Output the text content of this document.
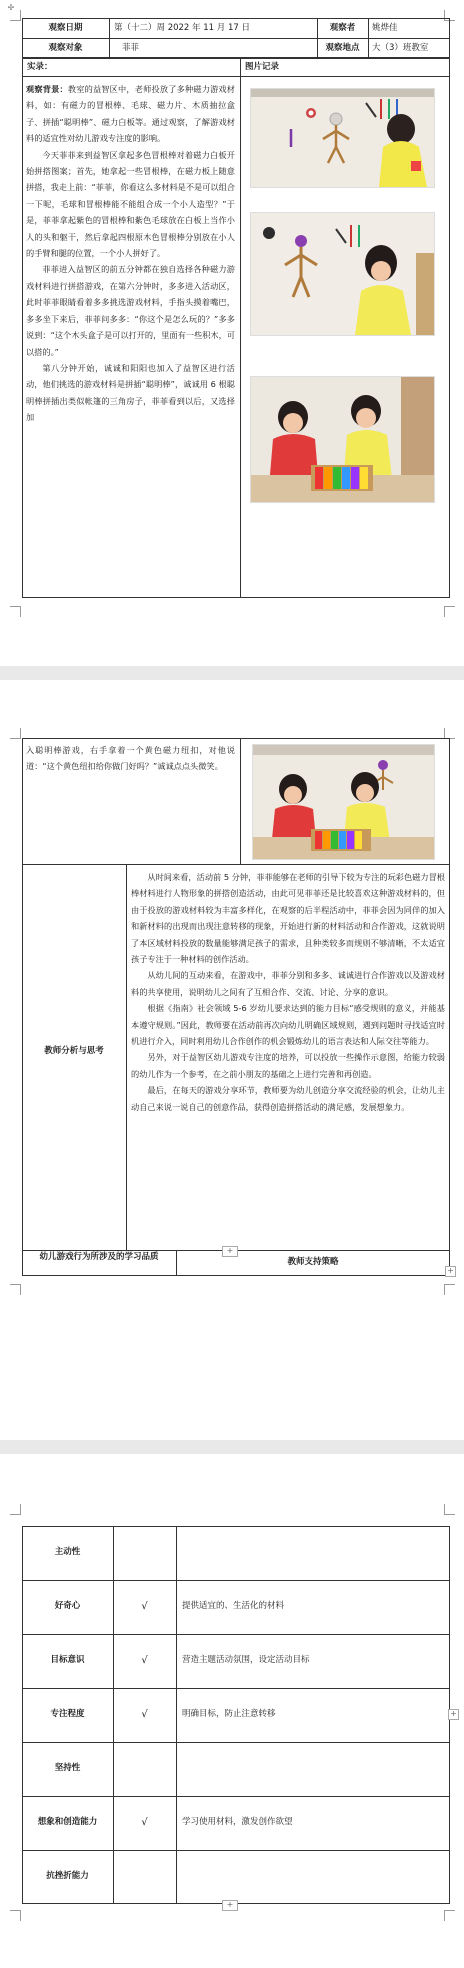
✢
观察日期	第（十二）周 2022 年 11 月 17 日	观察者	姚烨佳
观察对象	菲菲	观察地点	大（3）班教室
实录：	图片记录

观察背景：教室的益智区中，老师投放了多种磁力游戏材料，如：有磁力的冒根棒、毛球、磁力片、木质抽拉盒子、拼插“聪明棒”、磁力白板等。通过观察，了解游戏材料的适宜性对幼儿游戏专注度的影响。

今天菲菲来到益智区拿起多色冒根棒对着磁力白板开始拼搭图案；首先，她拿起一些冒根棒，在磁力板上随意拼搭，我走上前：“菲菲，你看这么多材料是不是可以组合一下呢，毛球和冒根棒能不能组合成一个小人造型？”于是，菲菲拿起紫色的冒根棒和紫色毛球放在白板上当作小人的头和躯干，然后拿起四根原木色冒根棒分别放在小人的手臂和腿的位置，一个小人拼好了。

菲菲进入益智区的前五分钟都在独自选择各种磁力游戏材料进行拼搭游戏，在第六分钟时，多多进入活动区，此时菲菲眼睛看着多多挑选游戏材料，手指头摸着嘴巴，多多坐下来后，菲菲问多多：“你这个是怎么玩的？”多多说到：“这个木头盒子是可以打开的，里面有一些积木，可以搭的。”

第八分钟开始，诚诚和阳阳也加入了益智区进行活动，他们挑选的游戏材料是拼插“聪明棒”，诚诚用 6 根聪明棒拼插出类似帐篷的三角房子，菲菲看到以后，又选择加

入聪明棒游戏，右手拿着一个黄色磁力纽扣，对他说道：“这个黄色纽扣给你做门好吗？”诚诚点点头微笑。

教师分析与思考

从时间来看，活动前 5 分钟，菲菲能够在老师的引导下较为专注的玩彩色磁力冒根棒材料进行人物形象的拼搭创造活动，由此可见菲菲还是比较喜欢这种游戏材料的，但由于投放的游戏材料较为丰富多样化，在观察的后半程活动中，菲菲会因为同伴的加入和新材料的出现而出现注意转移的现象，开始进行新的材料活动和合作游戏，这就说明了本区域材料投放的数量能够满足孩子的需求，且种类较多而规则不够清晰，不太适宜孩子专注于一种材料的创作活动。

从幼儿间的互动来看，在游戏中，菲菲分别和多多、诚诚进行合作游戏以及游戏材料的共享使用，说明幼儿之间有了互相合作、交流、讨论、分享的意识。

根据《指南》社会领域 5-6 岁幼儿要求达到的能力目标“感受规则的意义，并能基本遵守规则。”因此，教师要在活动前再次向幼儿明确区域规则，遇到问题时寻找适宜时机进行介入，同时利用幼儿合作创作的机会锻炼幼儿的语言表达和人际交往等能力。

另外，对于益智区幼儿游戏专注度的培养，可以投放一些操作示意图，给能力较弱的幼儿作为一个参考，在之前小朋友的基础之上进行完善和再创造。

最后，在每天的游戏分享环节，教师要为幼儿创造分享交流经验的机会，让幼儿主动自己来说一说自己的创意作品，获得创造拼搭活动的满足感，发展想象力。

幼儿游戏行为所涉及的学习品质	教师支持策略
+
+
主动性
好奇心	√	提供适宜的、生活化的材料
目标意识	√	营造主题活动氛围，设定活动目标
专注程度	√	明确目标，防止注意转移
坚持性
想象和创造能力	√	学习使用材料，激发创作欲望
抗挫折能力
+
+
